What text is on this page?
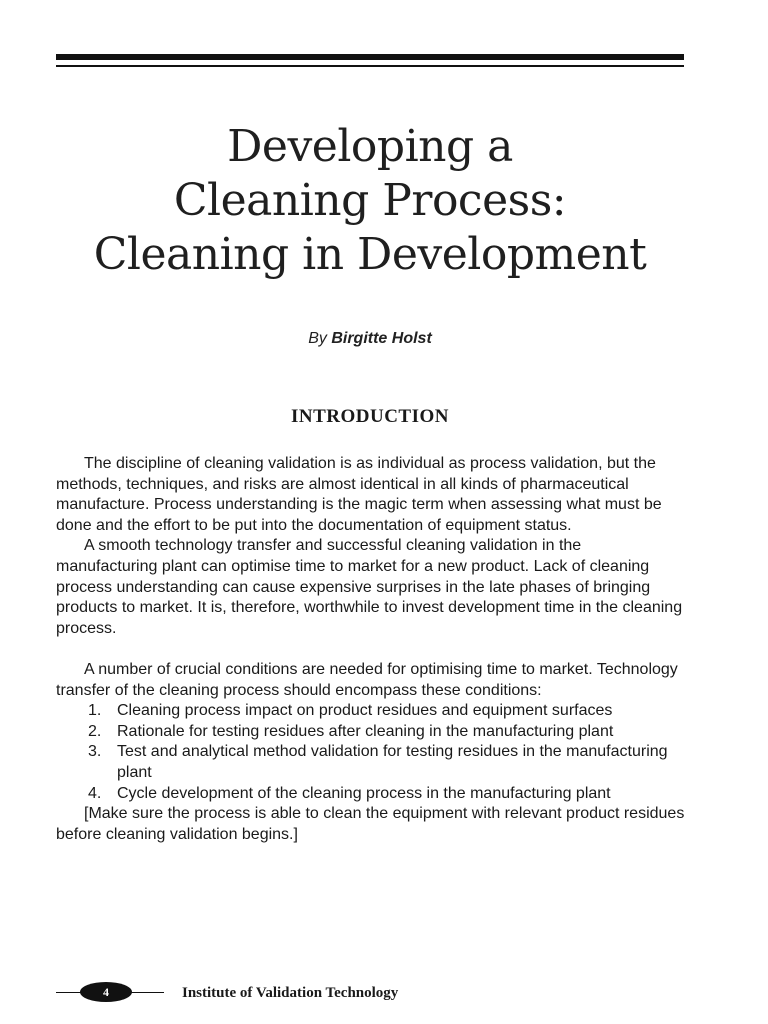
Developing a
Cleaning Process:
Cleaning in Development
By Birgitte Holst
INTRODUCTION

The discipline of cleaning validation is as individual as process validation, but the methods, techniques, and risks are almost identical in all kinds of pharmaceutical manufacture. Process understanding is the magic term when assessing what must be done and the effort to be put into the documentation of equipment status.

A smooth technology transfer and successful cleaning validation in the manufacturing plant can optimise time to market for a new product. Lack of cleaning process understanding can cause expensive surprises in the late phases of bringing products to market. It is, therefore, worthwhile to invest development time in the cleaning process.

A number of crucial conditions are needed for optimising time to market. Technology transfer of the cleaning process should encompass these conditions:

1. Cleaning process impact on product residues and equipment surfaces
2. Rationale for testing residues after cleaning in the manufacturing plant
3. Test and analytical method validation for testing residues in the manufacturing plant
4. Cycle development of the cleaning process in the manufacturing plant

[Make sure the process is able to clean the equipment with relevant product residues before cleaning validation begins.]

4	Institute of Validation Technology
